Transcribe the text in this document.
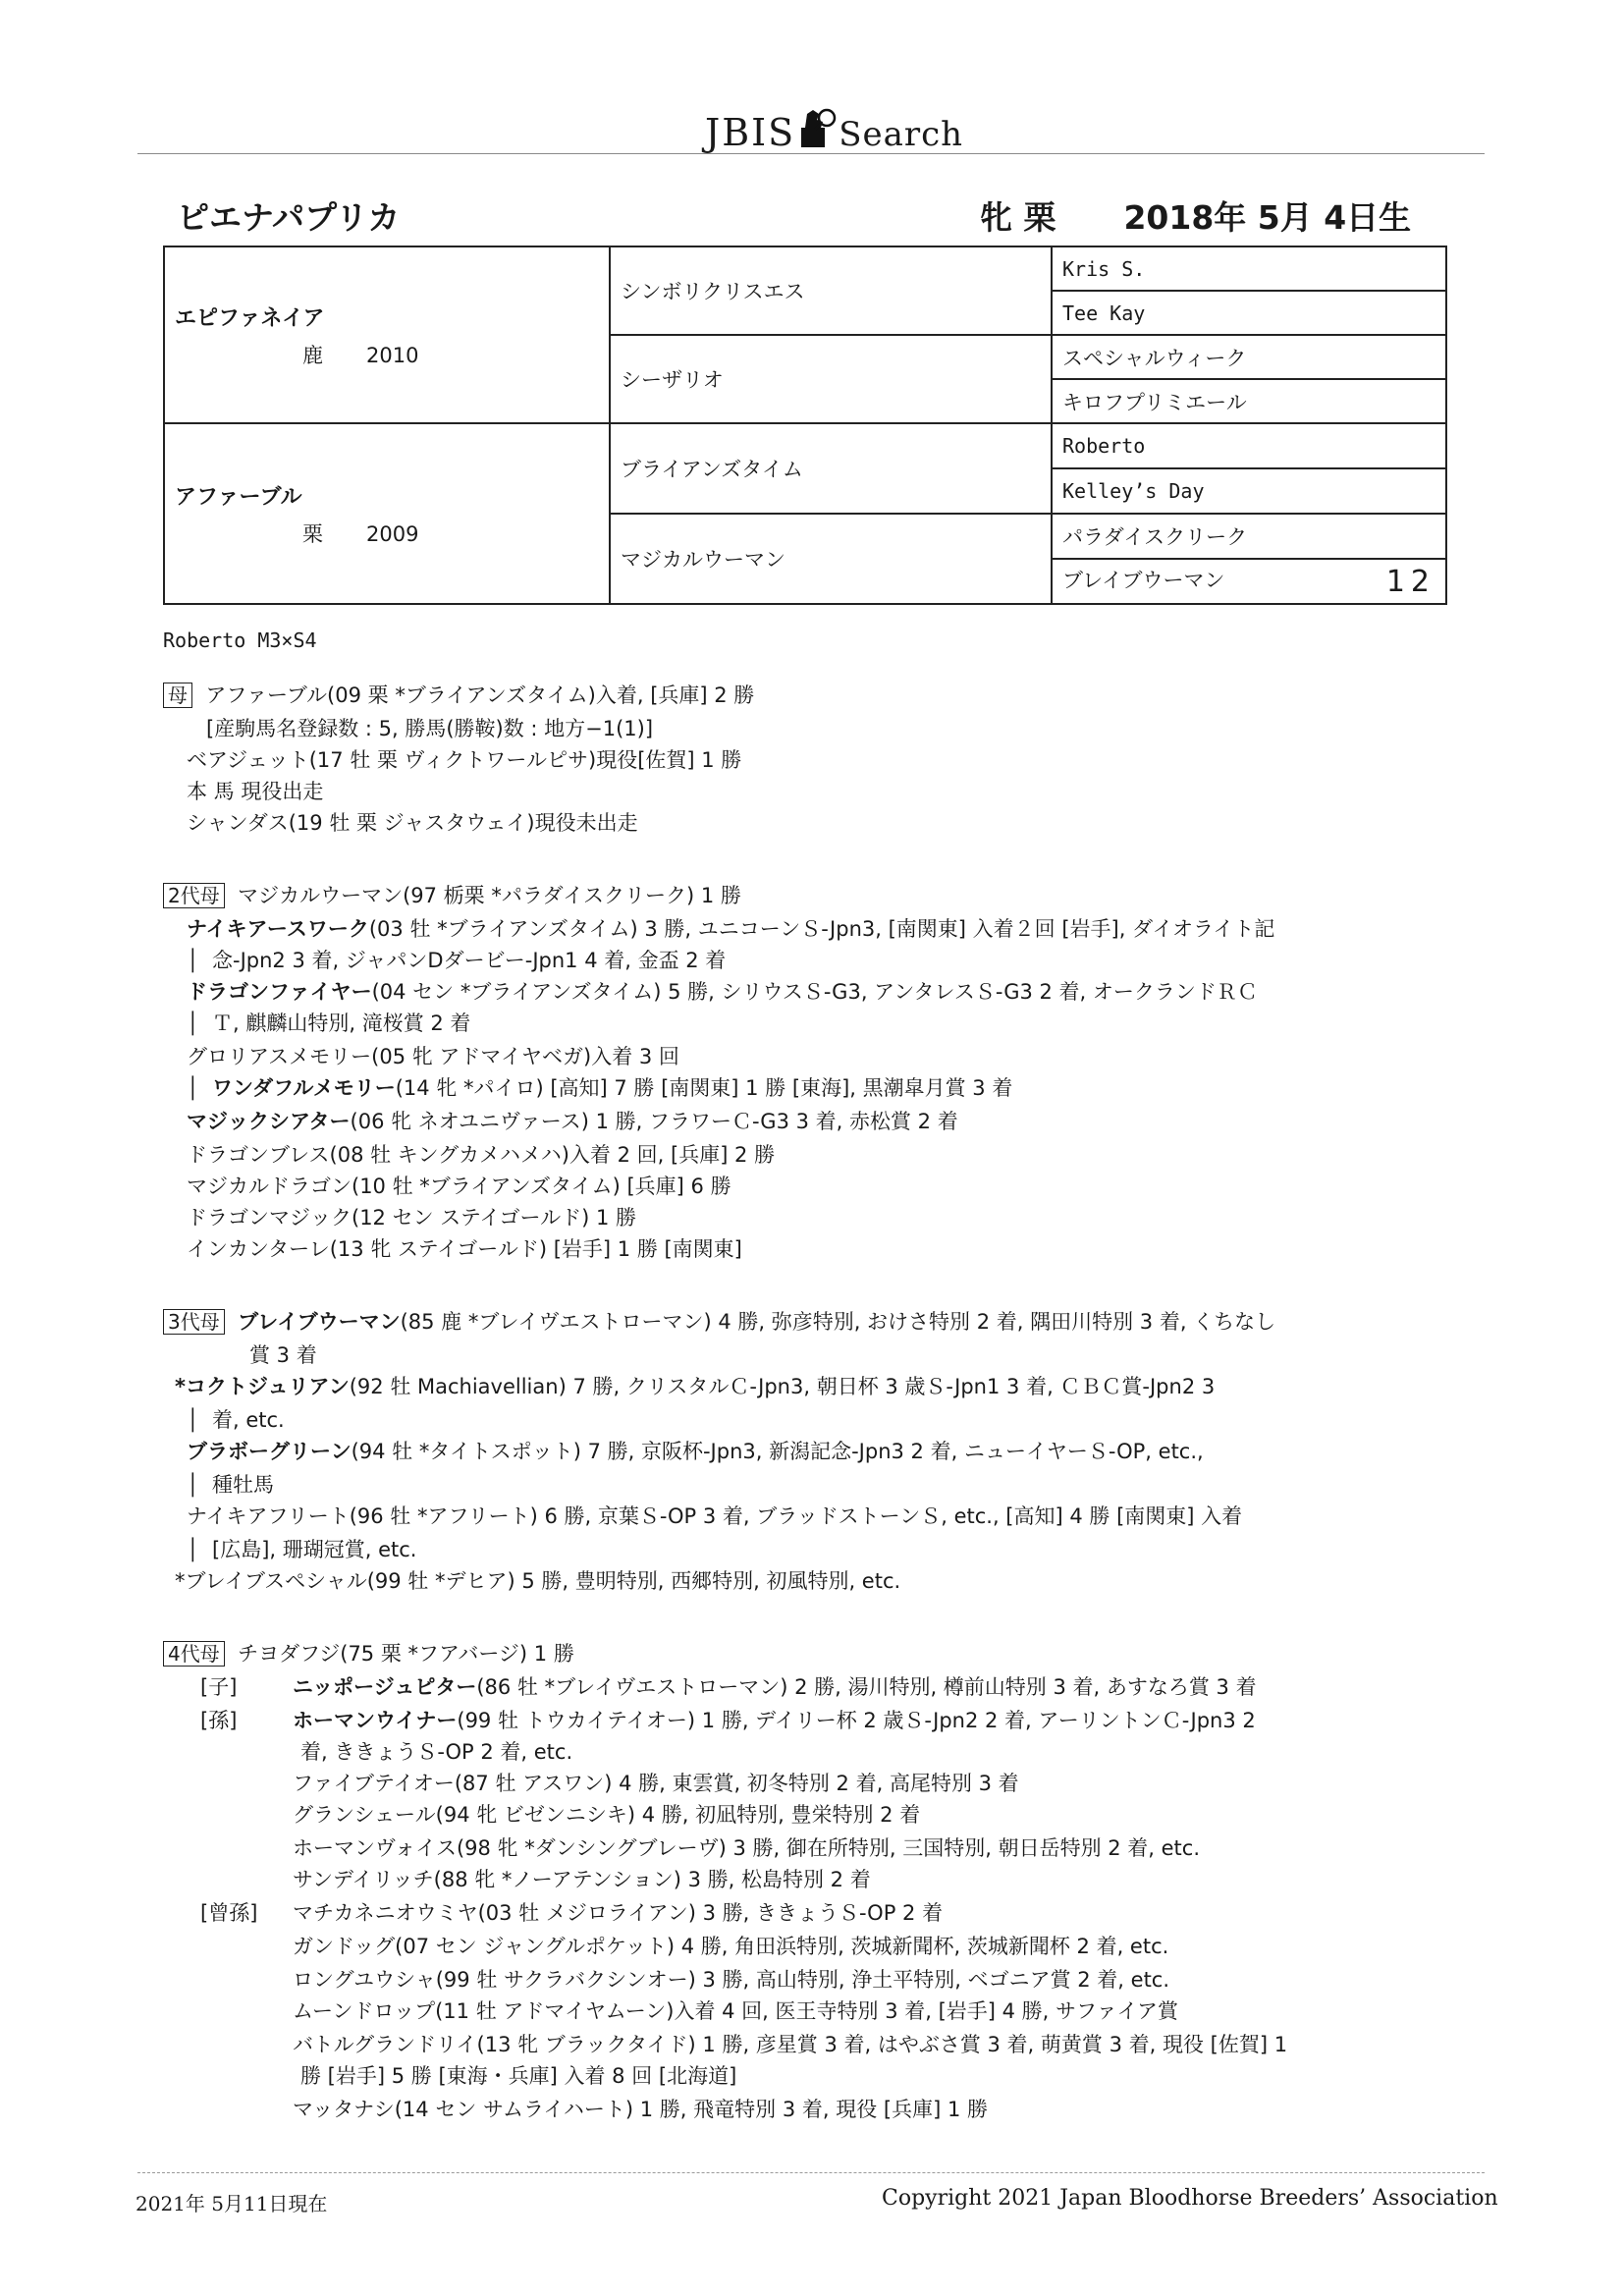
JBIS Search
ピエナパプリカ	牝 栗 2018年 5月 4日生
エピファネイア
鹿 2010	シンボリクリスエス	Kris S.
		Tee Kay
	シーザリオ	スペシャルウィーク
		キロフプリミエール

アファーブル
栗 2009	ブライアンズタイム	Roberto
		Kelley’s Day
	マジカルウーマン	パラダイスクリーク
		ブレイブウーマン 12
Roberto M3×S4
母 アファーブル(09 栗 *ブライアンズタイム)入着, [兵庫] 2 勝
[産駒馬名登録数 : 5, 勝馬(勝鞍)数 : 地方−1(1)]
ベアジェット(17 牡 栗 ヴィクトワールピサ)現役[佐賀] 1 勝
本 馬 現役出走
シャンダス(19 牡 栗 ジャスタウェイ)現役未出走
2代母 マジカルウーマン(97 栃栗 *パラダイスクリーク) 1 勝
ナイキアースワーク(03 牡 *ブライアンズタイム) 3 勝, ユニコーンＳ-Jpn3, [南関東] 入着２回 [岩手], ダイオライト記
│  念-Jpn2 3 着, ジャパンDダービー-Jpn1 4 着, 金盃 2 着
ドラゴンファイヤー(04 セン *ブライアンズタイム) 5 勝, シリウスＳ-G3, アンタレスＳ-G3 2 着, オークランドＲＣ
│  Ｔ, 麒麟山特別, 滝桜賞 2 着
グロリアスメモリー(05 牝 アドマイヤベガ)入着 3 回
│  ワンダフルメモリー(14 牝 *パイロ) [高知] 7 勝 [南関東] 1 勝 [東海], 黒潮皐月賞 3 着
マジックシアター(06 牝 ネオユニヴァース) 1 勝, フラワーＣ-G3 3 着, 赤松賞 2 着
ドラゴンブレス(08 牡 キングカメハメハ)入着 2 回, [兵庫] 2 勝
マジカルドラゴン(10 牡 *ブライアンズタイム) [兵庫] 6 勝
ドラゴンマジック(12 セン ステイゴールド) 1 勝
インカンターレ(13 牝 ステイゴールド) [岩手] 1 勝 [南関東]
3代母 ブレイブウーマン(85 鹿 *ブレイヴエストローマン) 4 勝, 弥彦特別, おけさ特別 2 着, 隅田川特別 3 着, くちなし
賞 3 着
*コクトジュリアン(92 牡 Machiavellian) 7 勝, クリスタルＣ-Jpn3, 朝日杯 3 歳Ｓ-Jpn1 3 着, ＣＢＣ賞-Jpn2 3
│  着, etc.
ブラボーグリーン(94 牡 *タイトスポット) 7 勝, 京阪杯-Jpn3, 新潟記念-Jpn3 2 着, ニューイヤーＳ-OP, etc.,
│  種牡馬
ナイキアフリート(96 牡 *アフリート) 6 勝, 京葉Ｓ-OP 3 着, ブラッドストーンＳ, etc., [高知] 4 勝 [南関東] 入着
│  [広島], 珊瑚冠賞, etc.
*ブレイブスペシャル(99 牡 *デヒア) 5 勝, 豊明特別, 西郷特別, 初風特別, etc.
4代母 チヨダフジ(75 栗 *フアバージ) 1 勝
[子]	ニッポージュピター(86 牡 *ブレイヴエストローマン) 2 勝, 湯川特別, 樽前山特別 3 着, あすなろ賞 3 着
[孫]	ホーマンウイナー(99 牡 トウカイテイオー) 1 勝, デイリー杯 2 歳Ｓ-Jpn2 2 着, アーリントンＣ-Jpn3 2
着, ききょうＳ-OP 2 着, etc.
ファイブテイオー(87 牡 アスワン) 4 勝, 東雲賞, 初冬特別 2 着, 高尾特別 3 着
グランシェール(94 牝 ビゼンニシキ) 4 勝, 初凪特別, 豊栄特別 2 着
ホーマンヴォイス(98 牝 *ダンシングブレーヴ) 3 勝, 御在所特別, 三国特別, 朝日岳特別 2 着, etc.
サンデイリッチ(88 牝 *ノーアテンション) 3 勝, 松島特別 2 着
[曾孫] マチカネニオウミヤ(03 牡 メジロライアン) 3 勝, ききょうＳ-OP 2 着
ガンドッグ(07 セン ジャングルポケット) 4 勝, 角田浜特別, 茨城新聞杯, 茨城新聞杯 2 着, etc.
ロングユウシャ(99 牡 サクラバクシンオー) 3 勝, 高山特別, 浄土平特別, ベゴニア賞 2 着, etc.
ムーンドロップ(11 牡 アドマイヤムーン)入着 4 回, 医王寺特別 3 着, [岩手] 4 勝, サファイア賞
バトルグランドリイ(13 牝 ブラックタイド) 1 勝, 彦星賞 3 着, はやぶさ賞 3 着, 萌黄賞 3 着, 現役 [佐賀] 1
勝 [岩手] 5 勝 [東海・兵庫] 入着 8 回 [北海道]
マッタナシ(14 セン サムライハート) 1 勝, 飛竜特別 3 着, 現役 [兵庫] 1 勝
2021年 5月11日現在	Copyright 2021 Japan Bloodhorse Breeders’ Association
